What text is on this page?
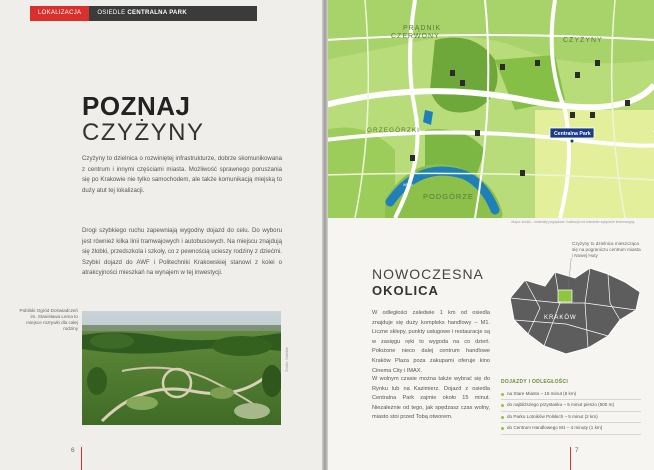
LOKALIZACJA	OSIEDLE CENTRALNA PARK
POZNAJ
CZYŻYNY
Czyżyny to dzielnica o rozwiniętej infrastrukturze, dobrze skomunikowana z centrum i innymi częściami miasta. Możliwość sprawnego poruszania się po Krakowie nie tylko samochodem, ale także komunikacją miejską to duży atut tej lokalizacji.
Drogi szybkiego ruchu zapewniają wygodny dojazd do celu. Do wyboru jest również kilka linii tramwajowych i autobusowych. Na miejscu znajdują się żłobki, przedszkola i szkoły, co z pewnością ucieszy rodziny z dziećmi. Szybki dojazd do AWF i Politechniki Krakowskiej stanowi z kolei o atrakcyjności mieszkań na wynajem w tej inwestycji.
Pobliski Ogród Doświadczeń im. Stanisława Lema to miejsce rozrywki dla całej rodziny
Źródło: Satellite
6
PRĄDNIK CZERWONY
CZYŻYNY
GRZEGÓRZKI
PODGÓRZE
Wisła
Centralna Park
Mapa: źródło – materiały poglądowe. Ilustracja ma charakter wyłącznie informacyjny.
NOWOCZESNA
OKOLICA
W odległości zaledwie 1 km od osiedla znajduje się duży kompleks handlowy – M1. Liczne sklepy, punkty usługowe i restauracje są w zasięgu ręki to wygoda na co dzień. Położone nieco dalej centrum handlowe Kraków Plaza poza zakupami oferuje kino Cinema City i IMAX.
W wolnym czasie można także wybrać się do Rynku lub na Kazimierz. Dojazd z osiedla Centralna Park zajmie około 15 minut. Niezależnie od tego, jak spędzasz czas wolny, miasto stoi przed Tobą otworem.
Czyżyny to dzielnica mieszcząca się na pograniczu centrum miasta i Nowej Huty
KRAKÓW
DOJAZDY I ODLEGŁOŚCI
na Stare Miasto – 15 minut (6 km)
do najbliższego przystanku – 5 minut pieszo (500 m)
do Parku Lotników Polskich – 5 minut (2 km)
do Centrum Handlowego M1 – 4 minuty (1 km)
7
